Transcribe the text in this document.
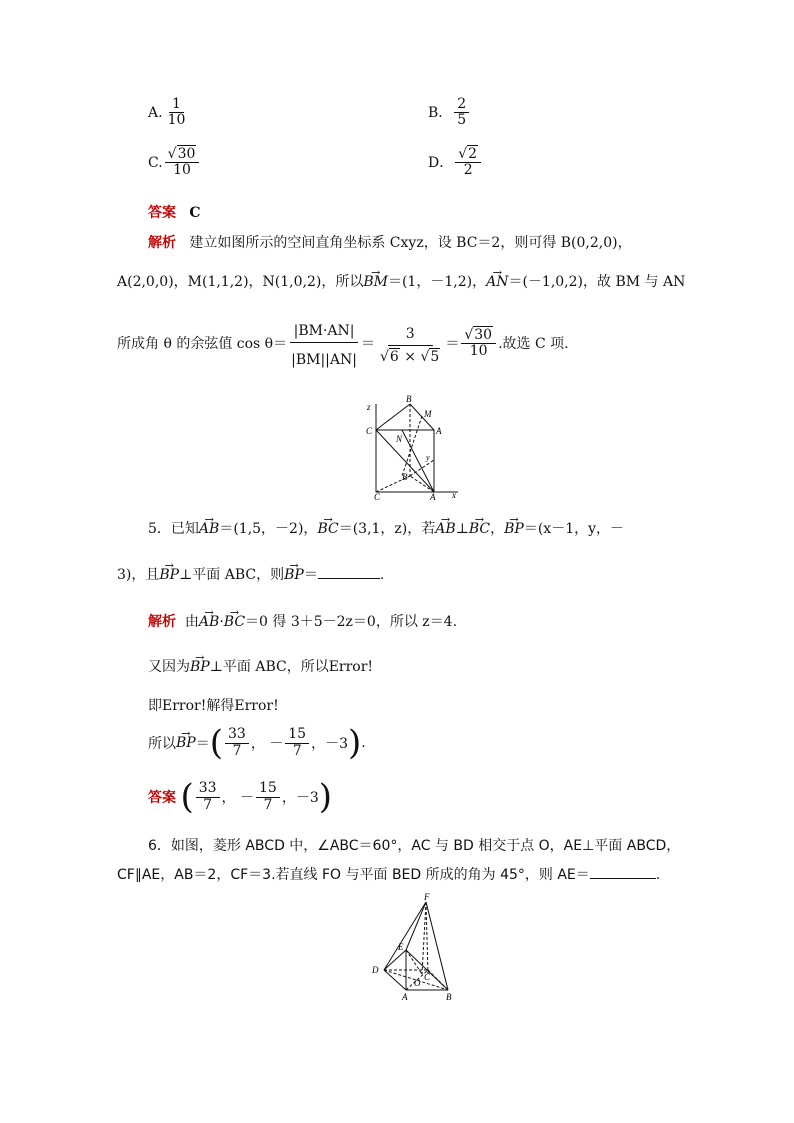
A. $\frac{1}{10}$	B． $\frac{2}{5}$
C. $\frac{√30}{10}$	D． $\frac{√2}{2}$
答案 C
解析 建立如图所示的空间直角坐标系 Cxyz，设 BC＝2，则可得 B(0,2,0)，
A(2,0,0)，M(1,1,2)，N(1,0,2)，所以→ BM＝(1，－1,2)，→ AN＝(－1,0,2)，故 BM 与 AN
所成角 θ 的余弦值 $\cos \theta= \frac{|BM\cdot AN|}{|BM||AN|} = \frac{3}{√6 \times √5} = \frac{√30}{10}$ .故选 C 项.
z
B
M
C	A
N
y
B
C	A x
5．已知→ AB＝(1,5，－2)，→ BC＝(3,1，z)，若→ AB⊥→ BC，→ BP＝(x－1，y，－
3)，且→ BP⊥平面 ABC，则→ BP＝	.
解析 由→ AB·→ BC＝0 得 3＋5－2z＝0，所以 z＝4.
又因为→ BP⊥平面 ABC，所以Error!
即Error!解得Error!
所以
→ BP ＝ ( $\frac{33}{7}$ ，
－ $\frac{15}{7}$ ，－3 ) .
答案
( $\frac{33}{7}$ ，
－ $\frac{15}{7}$ ，－3 )
6．如图，菱形 ABCD 中，∠ABC＝60°，AC 与 BD 相交于点 O，AE⊥平面 ABCD，
CF∥AE，AB＝2，CF＝3.若直线 FO 与平面 BED 所成的角为 45°，则 AE＝	.
F
E
D
C
O
A	B
